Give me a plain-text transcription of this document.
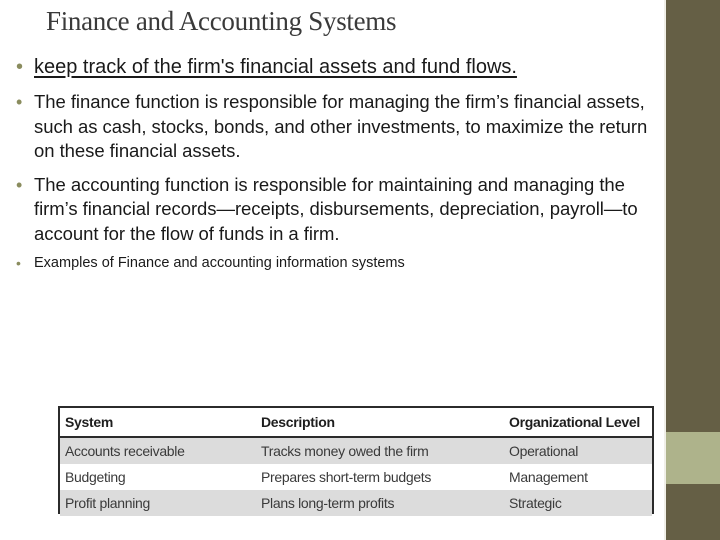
Finance and Accounting Systems
• keep track of the firm's financial assets and fund flows.
• The finance function is responsible for managing the firm’s financial assets, such as cash, stocks, bonds, and other investments, to maximize the return on these financial assets.
• The accounting function is responsible for maintaining and managing the firm’s financial records—receipts, disbursements, depreciation, payroll—to account for the flow of funds in a firm.
• Examples of Finance and accounting information systems
System	Description	Organizational Level
Accounts receivable	Tracks money owed the firm	Operational
Budgeting	Prepares short-term budgets	Management
Profit planning	Plans long-term profits	Strategic
